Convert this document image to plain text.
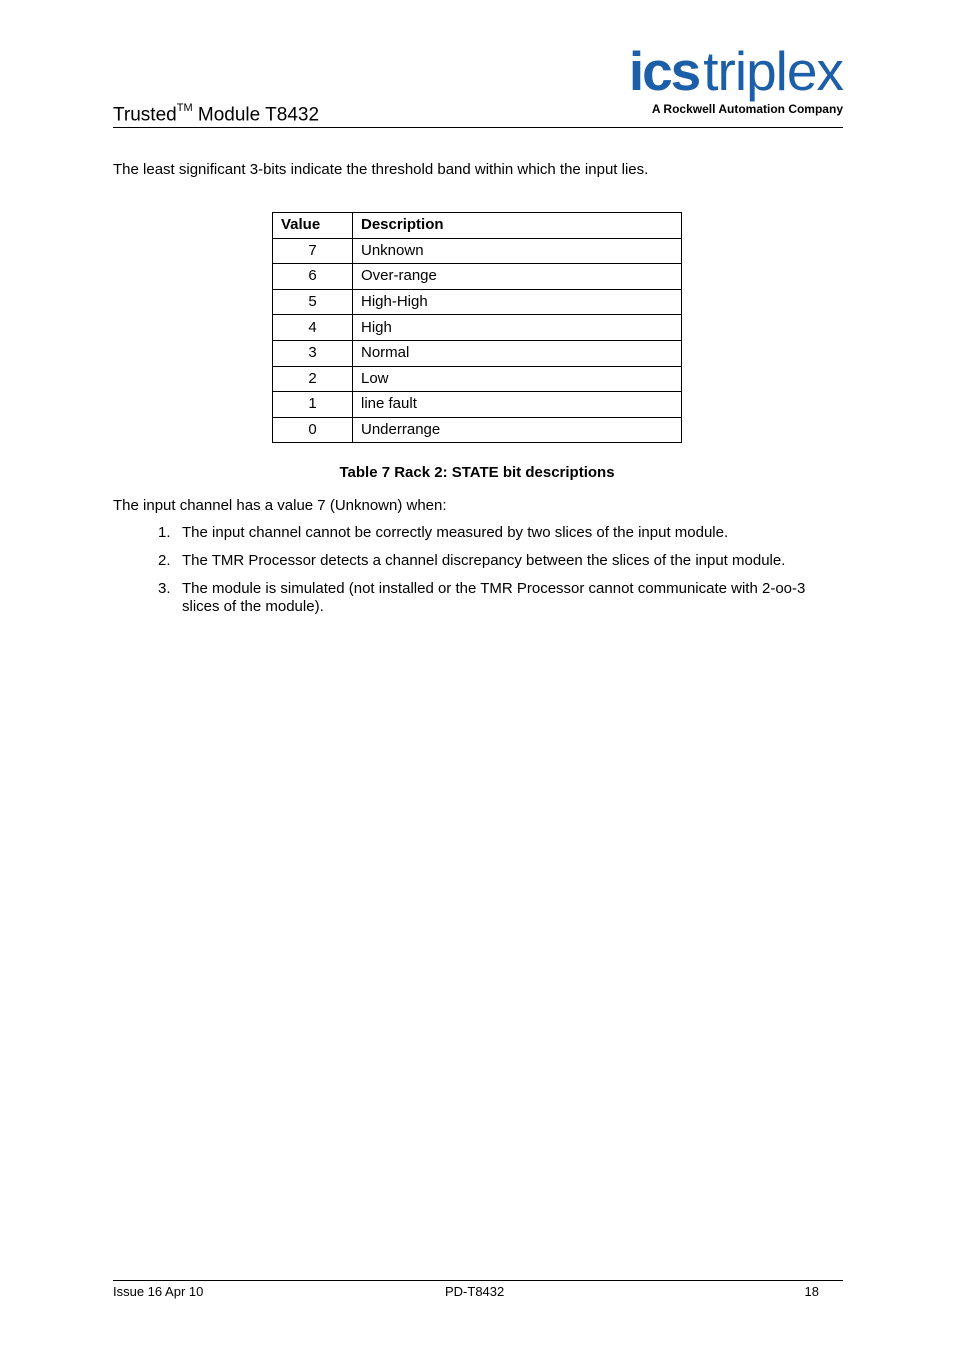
Trusted™ Module T8432
icstriplex
A Rockwell Automation Company
The least significant 3-bits indicate the threshold band within which the input lies.
Value	Description
7	Unknown
6	Over-range
5	High-High
4	High
3	Normal
2	Low
1	line fault
0	Underrange
Table 7 Rack 2: STATE bit descriptions
The input channel has a value 7 (Unknown) when:
1. The input channel cannot be correctly measured by two slices of the input module.
2. The TMR Processor detects a channel discrepancy between the slices of the input module.
3. The module is simulated (not installed or the TMR Processor cannot communicate with 2-oo-3 slices of the module).
Issue 16 Apr 10	PD-T8432	18
